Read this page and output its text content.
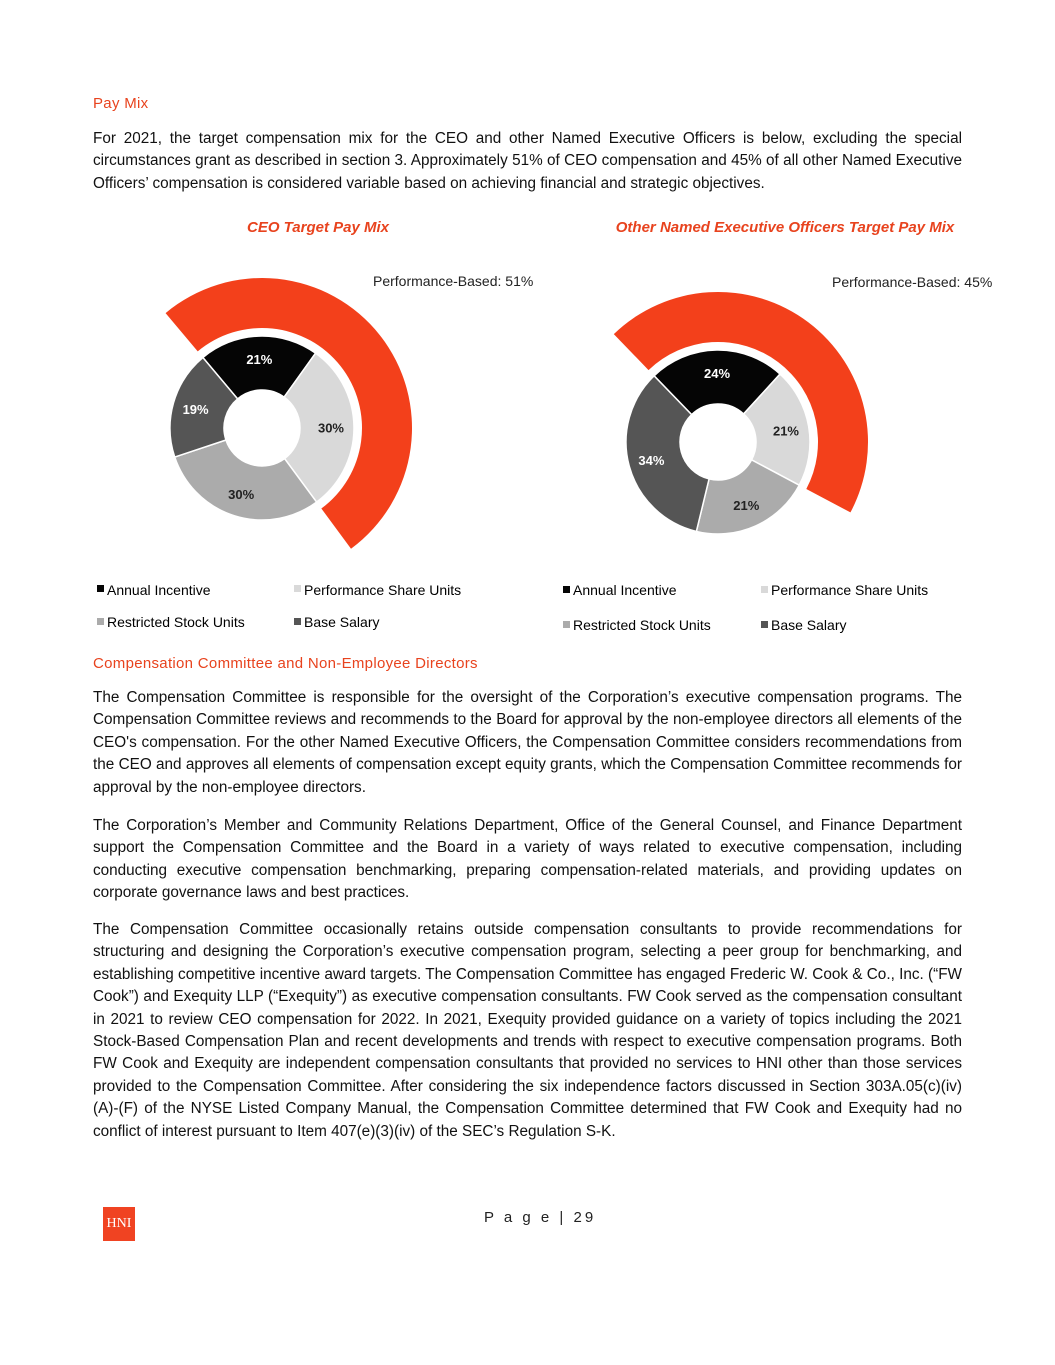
Pay Mix

For 2021, the target compensation mix for the CEO and other Named Executive Officers is below, excluding the special circumstances grant as described in section 3. Approximately 51% of CEO compensation and 45% of all other Named Executive Officers’ compensation is considered variable based on achieving financial and strategic objectives.

CEO Target Pay Mix
Performance-Based: 51%
21%
30%
30%
19%
Annual Incentive	Performance Share Units
Restricted Stock Units	Base Salary
Other Named Executive Officers Target Pay Mix
Performance-Based: 45%
24%
21%
21%
34%
Annual Incentive	Performance Share Units
Restricted Stock Units	Base Salary
Compensation Committee and Non-Employee Directors

The Compensation Committee is responsible for the oversight of the Corporation’s executive compensation programs. The Compensation Committee reviews and recommends to the Board for approval by the non-employee directors all elements of the CEO's compensation. For the other Named Executive Officers, the Compensation Committee considers recommendations from the CEO and approves all elements of compensation except equity grants, which the Compensation Committee recommends for approval by the non-employee directors.

The Corporation’s Member and Community Relations Department, Office of the General Counsel, and Finance Department support the Compensation Committee and the Board in a variety of ways related to executive compensation, including conducting executive compensation benchmarking, preparing compensation-related materials, and providing updates on corporate governance laws and best practices.

The Compensation Committee occasionally retains outside compensation consultants to provide recommendations for structuring and designing the Corporation’s executive compensation program, selecting a peer group for benchmarking, and establishing competitive incentive award targets. The Compensation Committee has engaged Frederic W. Cook & Co., Inc. (“FW Cook”) and Exequity LLP (“Exequity”) as executive compensation consultants. FW Cook served as the compensation consultant in 2021 to review CEO compensation for 2022. In 2021, Exequity provided guidance on a variety of topics including the 2021 Stock-Based Compensation Plan and recent developments and trends with respect to executive compensation programs. Both FW Cook and Exequity are independent compensation consultants that provided no services to HNI other than those services provided to the Compensation Committee. After considering the six independence factors discussed in Section 303A.05(c)(iv)(A)-(F) of the NYSE Listed Company Manual, the Compensation Committee determined that FW Cook and Exequity had no conflict of interest pursuant to Item 407(e)(3)(iv) of the SEC’s Regulation S-K.

HNI	P a g e | 29
